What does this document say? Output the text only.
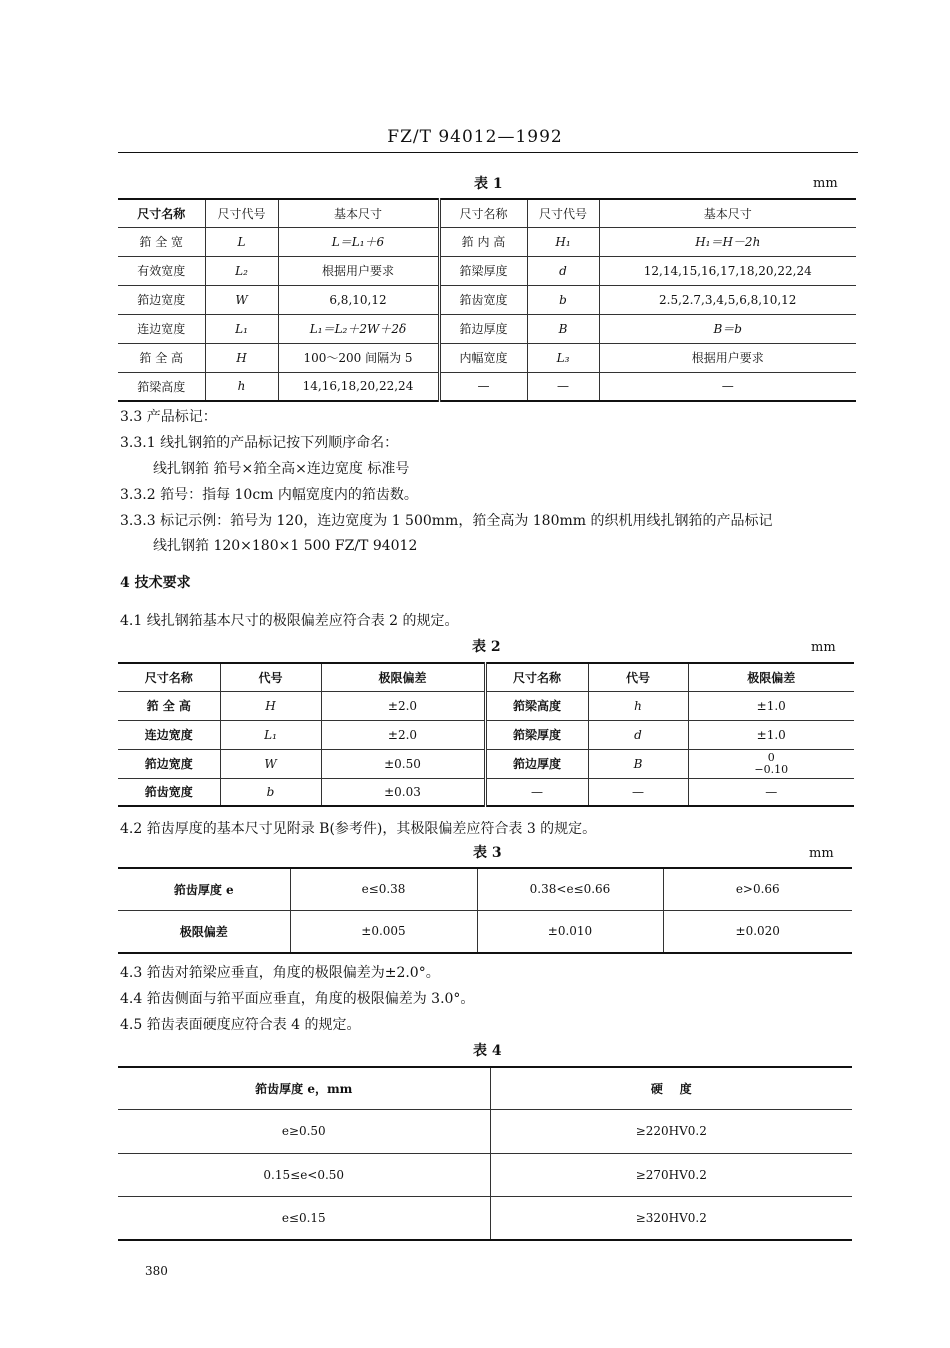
FZ/T 94012—1992
表 1	mm
尺寸名称	尺寸代号	基本尺寸	尺寸名称	尺寸代号	基本尺寸
筘 全 宽	L	L＝L₁＋6	筘 内 高	H₁	H₁＝H－2h
有效宽度	L₂	根据用户要求	筘梁厚度	d	12,14,15,16,17,18,20,22,24
筘边宽度	W	6,8,10,12	筘齿宽度	b	2.5,2.7,3,4,5,6,8,10,12
连边宽度	L₁	L₁＝L₂＋2W＋2δ	筘边厚度	B	B＝b
筘 全 高	H	100～200 间隔为 5	内幅宽度	L₃	根据用户要求
筘梁高度	h	14,16,18,20,22,24	—	—	—
3.3 产品标记：
3.3.1 线扎钢筘的产品标记按下列顺序命名：
线扎钢筘 筘号×筘全高×连边宽度 标准号
3.3.2 筘号：指每 10cm 内幅宽度内的筘齿数。
3.3.3 标记示例：筘号为 120，连边宽度为 1 500mm，筘全高为 180mm 的织机用线扎钢筘的产品标记
线扎钢筘 120×180×1 500 FZ/T 94012
4 技术要求
4.1 线扎钢筘基本尺寸的极限偏差应符合表 2 的规定。
表 2	mm
尺寸名称	代号	极限偏差	尺寸名称	代号	极限偏差
筘 全 高	H	±2.0	筘梁高度	h	±1.0
连边宽度	L₁	±2.0	筘梁厚度	d	±1.0
筘边宽度	W	±0.50	筘边厚度	B	0
−0.10
筘齿宽度	b	±0.03	—	—	—
4.2 筘齿厚度的基本尺寸见附录 B(参考件)，其极限偏差应符合表 3 的规定。
表 3	mm
筘齿厚度 e	e≤0.38	0.38<e≤0.66	e>0.66
极限偏差	±0.005	±0.010	±0.020
4.3 筘齿对筘梁应垂直，角度的极限偏差为±2.0°。
4.4 筘齿侧面与筘平面应垂直，角度的极限偏差为 3.0°。
4.5 筘齿表面硬度应符合表 4 的规定。
表 4
筘齿厚度 e，mm	硬    度
e≥0.50	≥220HV0.2
0.15≤e<0.50	≥270HV0.2
e≤0.15	≥320HV0.2
380
